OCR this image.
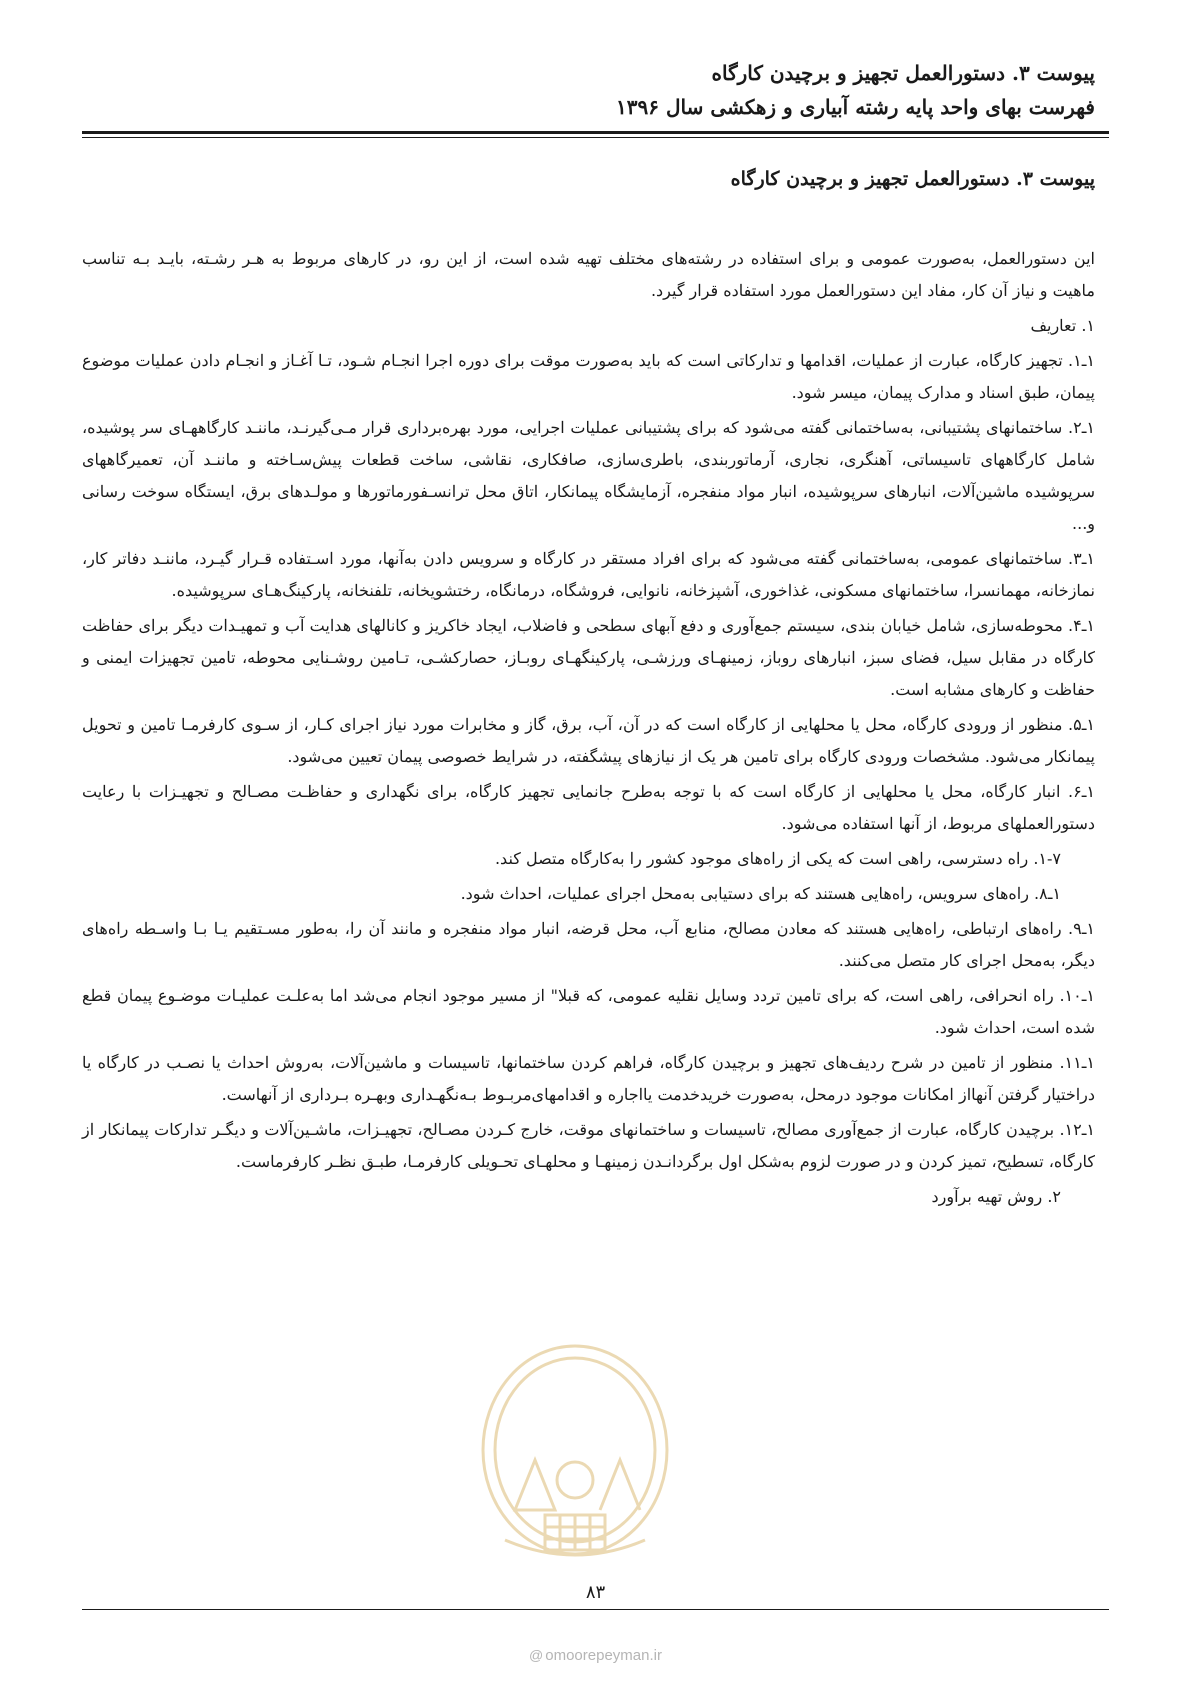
پیوست ۳. دستورالعمل تجهیز و برچیدن کارگاه
فهرست بهای واحد پایه رشته آبیاری و زهکشی سال ۱۳۹۶
پیوست ۳. دستورالعمل تجهیز و برچیدن کارگاه

این دستورالعمل، به‌صورت عمومی و برای استفاده در رشته‌های مختلف تهیه شده است، از این رو، در کارهای مربوط به هـر رشـته، بایـد بـه تناسب ماهیت و نیاز آن کار، مفاد این دستورالعمل مورد استفاده قرار گیرد.

۱. تعاریف

۱ـ۱. تجهیز کارگاه، عبارت از عملیات، اقدامها و تدارکاتی است که باید به‌صورت موقت برای دوره اجرا انجـام شـود، تـا آغـاز و انجـام دادن عملیات موضوع پیمان، طبق اسناد و مدارک پیمان، میسر شود.

۱ـ۲. ساختمانهای پشتیبانی، به‌ساختمانی گفته می‌شود که برای پشتیبانی عملیات اجرایی، مورد بهره‌برداری قرار مـی‌گیرنـد، ماننـد کارگاههـای سر پوشیده، شامل کارگاههای تاسیساتی، آهنگری، نجاری، آرماتوربندی، باطری‌سازی، صافکاری، نقاشی، ساخت قطعات پیش‌سـاخته و ماننـد آن، تعمیرگاههای سرپوشیده ماشین‌آلات، انبارهای سرپوشیده، انبار مواد منفجره، آزمایشگاه پیمانکار، اتاق محل ترانسـفورماتورها و مولـدهای برق، ایستگاه سوخت رسانی و...

۱ـ۳. ساختمانهای عمومی، به‌ساختمانی گفته می‌شود که برای افراد مستقر در کارگاه و سرویس دادن به‌آنها، مورد اسـتفاده قـرار گیـرد، ماننـد دفاتر کار، نمازخانه، مهمانسرا، ساختمانهای مسکونی، غذاخوری، آشپزخانه، نانوایی، فروشگاه، درمانگاه، رختشویخانه، تلفنخانه، پارکینگ‌هـای سرپوشیده.

۱ـ۴. محوطه‌سازی، شامل خیابان بندی، سیستم جمع‌آوری و دفع آبهای سطحی و فاضلاب، ایجاد خاکریز و کانالهای هدایت آب و تمهیـدات دیگر برای حفاظت کارگاه در مقابل سیل، فضای سبز، انبارهای روباز، زمینهـای ورزشـی، پارکینگهـای روبـاز، حصارکشـی، تـامین روشـنایی محوطه، تامین تجهیزات ایمنی و حفاظت و کارهای مشابه است.

۱ـ۵. منظور از ورودی کارگاه، محل یا محلهایی از کارگاه است که در آن، آب، برق، گاز و مخابرات مورد نیاز اجرای کـار، از سـوی کارفرمـا تامین و تحویل پیمانکار می‌شود. مشخصات ورودی کارگاه برای تامین هر یک از نیازهای پیشگفته، در شرایط خصوصی پیمان تعیین می‌شود.

۱ـ۶. انبار کارگاه، محل یا محلهایی از کارگاه است که با توجه به‌طرح جانمایی تجهیز کارگاه، برای نگهداری و حفاظـت مصـالح و تجهیـزات با رعایت دستورالعملهای مربوط، از آنها استفاده می‌شود.

۱-۷. راه دسترسی، راهی است که یکی از راه‌های موجود کشور را به‌کارگاه متصل کند.

۱ـ۸. راه‌های سرویس، راه‌هایی هستند که برای دستیابی به‌محل اجرای عملیات، احداث شود.

۱ـ۹. راه‌های ارتباطی، راه‌هایی هستند که معادن مصالح، منابع آب، محل قرضه، انبار مواد منفجره و مانند آن را، به‌طور مسـتقیم یـا بـا واسـطه راه‌های دیگر، به‌محل اجرای کار متصل می‌کنند.

۱ـ۱۰. راه انحرافی، راهی است، که برای تامین تردد وسایل نقلیه عمومی، که قبلا" از مسیر موجود انجام می‌شد اما به‌علـت عملیـات موضـوع پیمان قطع شده است، احداث شود.

۱ـ۱۱. منظور از تامین در شرح ردیف‌های تجهیز و برچیدن کارگاه، فراهم کردن ساختمانها، تاسیسات و ماشین‌آلات، به‌روش احداث یا نصـب در کارگاه یا دراختیار گرفتن آنهااز امکانات موجود درمحل، به‌صورت خریدخدمت یااجاره و اقدامهای‌مربـوط بـه‌نگهـداری وبهـره بـرداری از آنهاست.

۱ـ۱۲. برچیدن کارگاه، عبارت از جمع‌آوری مصالح، تاسیسات و ساختمانهای موقت، خارج کـردن مصـالح، تجهیـزات، ماشـین‌آلات و دیگـر تدارکات پیمانکار از کارگاه، تسطیح، تمیز کردن و در صورت لزوم به‌شکل اول برگردانـدن زمینهـا و محلهـای تحـویلی کارفرمـا، طبـق نظـر کارفرماست.

۲. روش تهیه برآورد

۸۳
@ omoorepeyman.ir
